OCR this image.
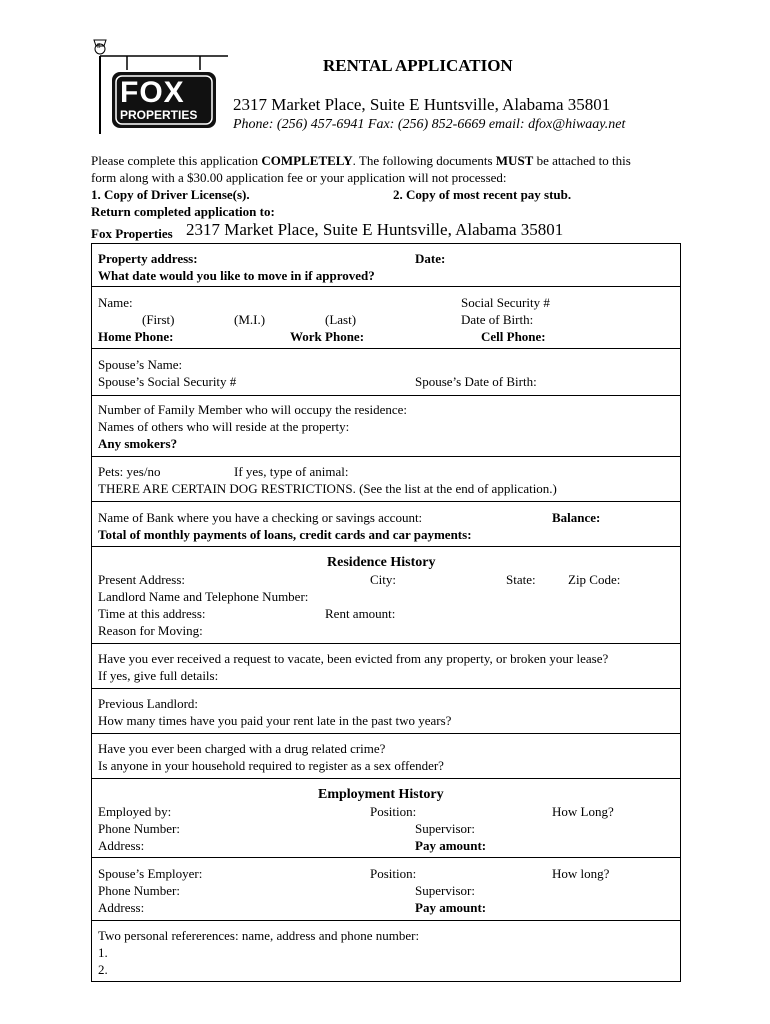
FOX
PROPERTIES
3
RENTAL APPLICATION
2317 Market Place, Suite E Huntsville, Alabama 35801
Phone: (256) 457-6941 Fax: (256) 852-6669 email: dfox@hiwaay.net
Please complete this application COMPLETELY. The following documents MUST be attached to this
form along with a $30.00 application fee or your application will not processed:
1. Copy of Driver License(s).	2. Copy of most recent pay stub.
Return completed application to:
Fox Properties 2317 Market Place, Suite E Huntsville, Alabama 35801
Property address:	Date:
What date would you like to move in if approved?
Name:	Social Security #
(First)	(M.I.)	(Last)	Date of Birth:
Home Phone:	Work Phone:	Cell Phone:
Spouse’s Name:
Spouse’s Social Security #	Spouse’s Date of Birth:
Number of Family Member who will occupy the residence:
Names of others who will reside at the property:
Any smokers?
Pets: yes/no	If yes, type of animal:
THERE ARE CERTAIN DOG RESTRICTIONS. (See the list at the end of application.)
Name of Bank where you have a checking or savings account:	Balance:
Total of monthly payments of loans, credit cards and car payments:
Residence History
Present Address:	City:	State: Zip Code:
Landlord Name and Telephone Number:
Time at this address:	Rent amount:
Reason for Moving:
Have you ever received a request to vacate, been evicted from any property, or broken your lease?
If yes, give full details:
Previous Landlord:
How many times have you paid your rent late in the past two years?
Have you ever been charged with a drug related crime?
Is anyone in your household required to register as a sex offender?
Employment History
Employed by:	Position:	How Long?
Phone Number:	Supervisor:
Address:	Pay amount:
Spouse’s Employer:	Position:	How long?
Phone Number:	Supervisor:
Address:	Pay amount:
Two personal refererences: name, address and phone number:
1.
2.
